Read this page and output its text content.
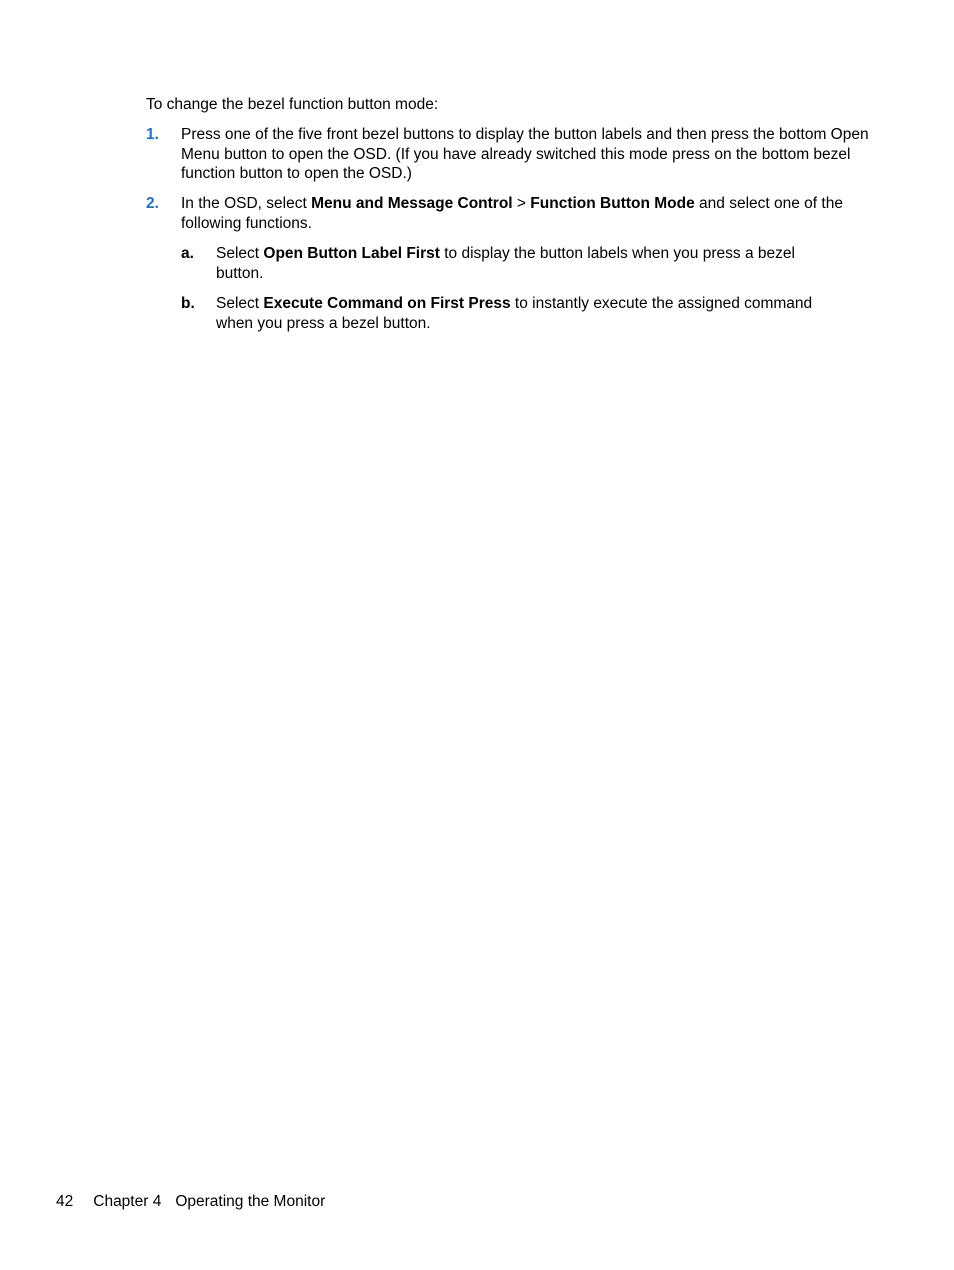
To change the bezel function button mode:

1. Press one of the five front bezel buttons to display the button labels and then press the bottom Open Menu button to open the OSD. (If you have already switched this mode press on the bottom bezel function button to open the OSD.)

2. In the OSD, select Menu and Message Control > Function Button Mode and select one of the following functions.

a. Select Open Button Label First to display the button labels when you press a bezel button.

b. Select Execute Command on First Press to instantly execute the assigned command when you press a bezel button.

42 Chapter 4 Operating the Monitor
